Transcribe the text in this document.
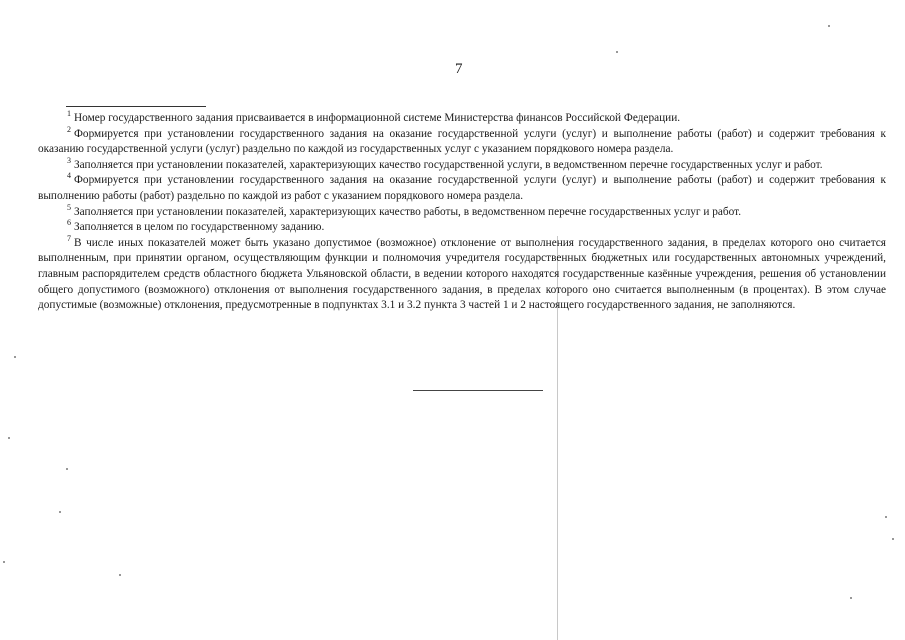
7

$^1$ Номер государственного задания присваивается в информационной системе Министерства финансов Российской Федерации.

$^2$ Формируется при установлении государственного задания на оказание государственной услуги (услуг) и выполнение работы (работ) и содержит требования к оказанию государственной услуги (услуг) раздельно по каждой из государственных услуг с указанием порядкового номера раздела.

$^3$ Заполняется при установлении показателей, характеризующих качество государственной услуги, в ведомственном перечне государственных услуг и работ.

$^4$ Формируется при установлении государственного задания на оказание государственной услуги (услуг) и выполнение работы (работ) и содержит требования к выполнению работы (работ) раздельно по каждой из работ с указанием порядкового номера раздела.

$^5$ Заполняется при установлении показателей, характеризующих качество работы, в ведомственном перечне государственных услуг и работ.

$^6$ Заполняется в целом по государственному заданию.

$^7$ В числе иных показателей может быть указано допустимое (возможное) отклонение от выполнения государственного задания, в пределах которого оно считается выполненным, при принятии органом, осуществляющим функции и полномочия учредителя государственных бюджетных или государственных автономных учреждений, главным распорядителем средств областного бюджета Ульяновской области, в ведении которого находятся государственные казённые учреждения, решения об установлении общего допустимого (возможного) отклонения от выполнения государственного задания, в пределах которого оно считается выполненным (в процентах). В этом случае допустимые (возможные) отклонения, предусмотренные в подпунктах 3.1 и 3.2 пункта 3 частей 1 и 2 настоящего государственного задания, не заполняются.
